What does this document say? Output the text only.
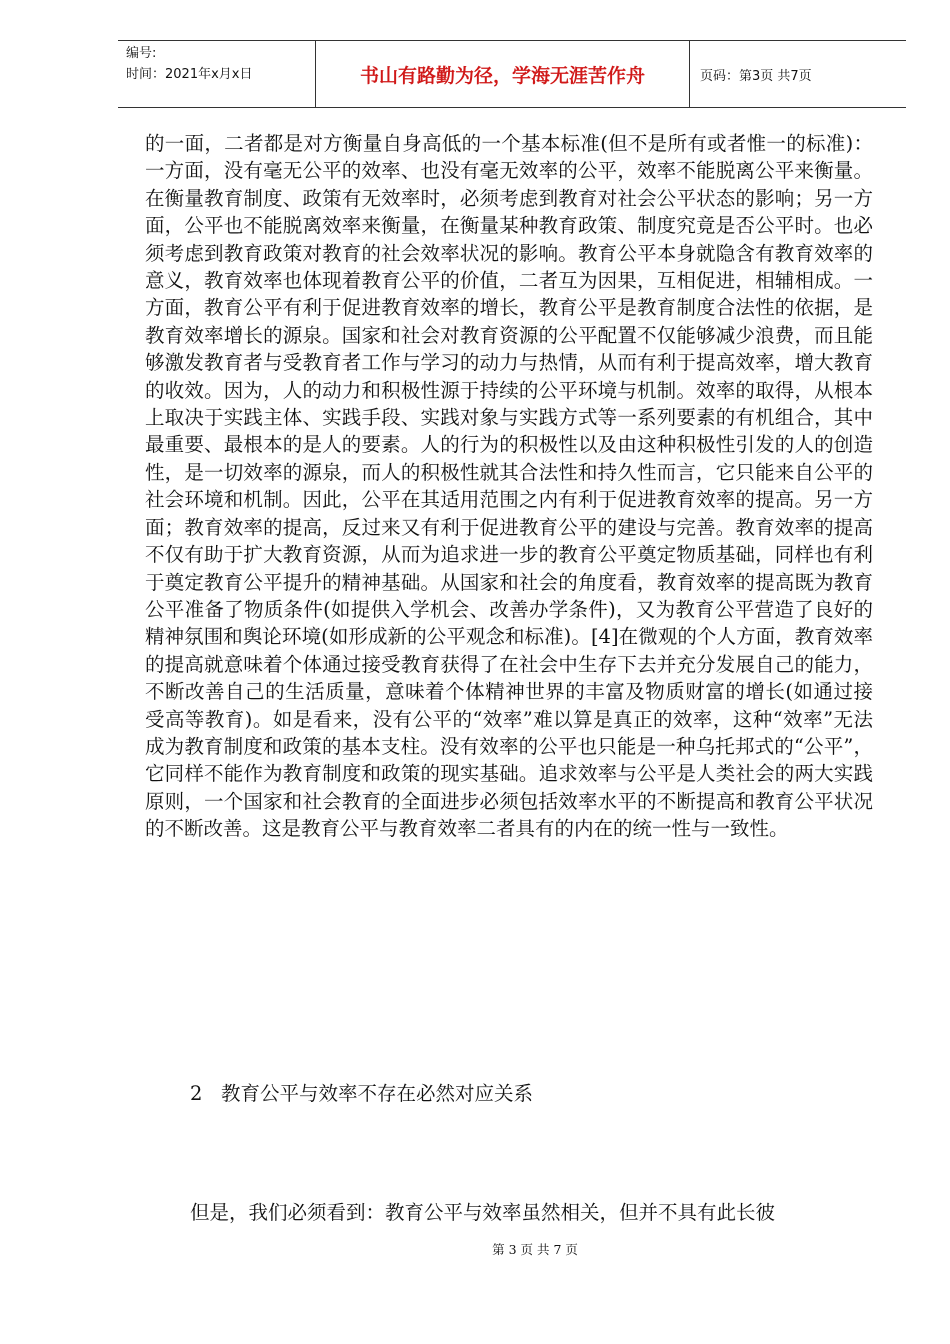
编号:
时间：2021年x月x日	书山有路勤为径，学海无涯苦作舟	页码：第3页 共7页
的一面，二者都是对方衡量自身高低的一个基本标准(但不是所有或者惟一的标准)：一方面，没有毫无公平的效率、也没有毫无效率的公平，效率不能脱离公平来衡量。在衡量教育制度、政策有无效率时，必须考虑到教育对社会公平状态的影响；另一方面，公平也不能脱离效率来衡量，在衡量某种教育政策、制度究竟是否公平时。也必须考虑到教育政策对教育的社会效率状况的影响。教育公平本身就隐含有教育效率的意义，教育效率也体现着教育公平的价值，二者互为因果，互相促进，相辅相成。一方面，教育公平有利于促进教育效率的增长，教育公平是教育制度合法性的依据，是教育效率增长的源泉。国家和社会对教育资源的公平配置不仅能够减少浪费，而且能够激发教育者与受教育者工作与学习的动力与热情，从而有利于提高效率，增大教育的收效。因为，人的动力和积极性源于持续的公平环境与机制。效率的取得，从根本上取决于实践主体、实践手段、实践对象与实践方式等一系列要素的有机组合，其中最重要、最根本的是人的要素。人的行为的积极性以及由这种积极性引发的人的创造性，是一切效率的源泉，而人的积极性就其合法性和持久性而言，它只能来自公平的社会环境和机制。因此，公平在其适用范围之内有利于促进教育效率的提高。另一方面；教育效率的提高，反过来又有利于促进教育公平的建设与完善。教育效率的提高不仅有助于扩大教育资源，从而为追求进一步的教育公平奠定物质基础，同样也有利于奠定教育公平提升的精神基础。从国家和社会的角度看，教育效率的提高既为教育公平准备了物质条件(如提供入学机会、改善办学条件)，又为教育公平营造了良好的精神氛围和舆论环境(如形成新的公平观念和标准)。[4]在微观的个人方面，教育效率的提高就意味着个体通过接受教育获得了在社会中生存下去并充分发展自己的能力，不断改善自己的生活质量，意味着个体精神世界的丰富及物质财富的增长(如通过接受高等教育)。如是看来，没有公平的“效率”难以算是真正的效率，这种“效率”无法成为教育制度和政策的基本支柱。没有效率的公平也只能是一种乌托邦式的“公平”，它同样不能作为教育制度和政策的现实基础。追求效率与公平是人类社会的两大实践原则，一个国家和社会教育的全面进步必须包括效率水平的不断提高和教育公平状况的不断改善。这是教育公平与教育效率二者具有的内在的统一性与一致性。
2   教育公平与效率不存在必然对应关系
但是，我们必须看到：教育公平与效率虽然相关，但并不具有此长彼
第 3 页 共 7 页
